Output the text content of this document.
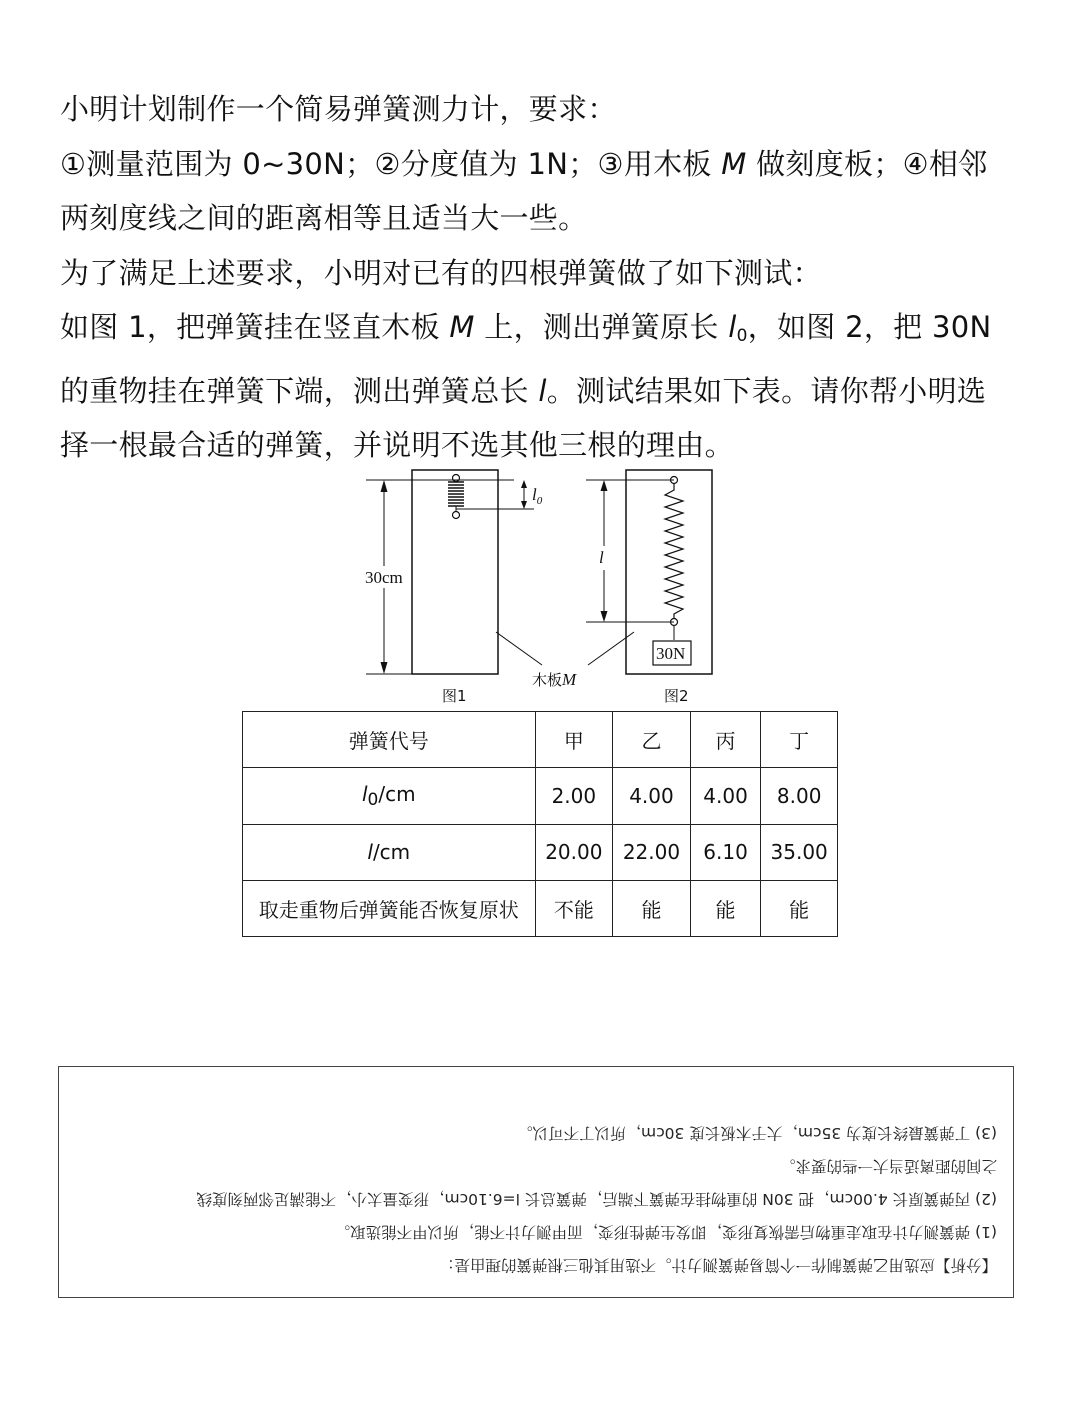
小明计划制作一个简易弹簧测力计，要求：

①测量范围为 0~30N；②分度值为 1N；③用木板 M 做刻度板；④相邻

两刻度线之间的距离相等且适当大一些。

为了满足上述要求，小明对已有的四根弹簧做了如下测试：

如图 1，把弹簧挂在竖直木板 M 上，测出弹簧原长 $l_0$，如图 2，把 30N

的重物挂在弹簧下端，测出弹簧总长 l。测试结果如下表。请你帮小明选

择一根最合适的弹簧，并说明不选其他三根的理由。

30cm
$l_0$
图1
l
30N
图2
木板M
弹簧代号	甲	乙	丙	丁
$l_0/cm$	2.00	4.00	4.00	8.00
l/cm	20.00	22.00	6.10	35.00
取走重物后弹簧能否恢复原状	不能	能	能	能

【分析】应选用乙弹簧制作一个简易弹簧测力计。不选用其他三根弹簧的理由是：

(1) 弹簧测力计在取走重物后需恢复形变，即发生弹性形变，而甲测力计不能，所以甲不能选取。

(2) 丙弹簧原长 4.00cm，把 30N 的重物挂在弹簧下端后，弹簧总长 l=6.10cm，形变量太小，不能满足邻两刻度线

之间的距离适当大一些的要求。

(3) 丁弹簧最终长度为 35cm，大于木板长度 30cm，所以丁不可以。
